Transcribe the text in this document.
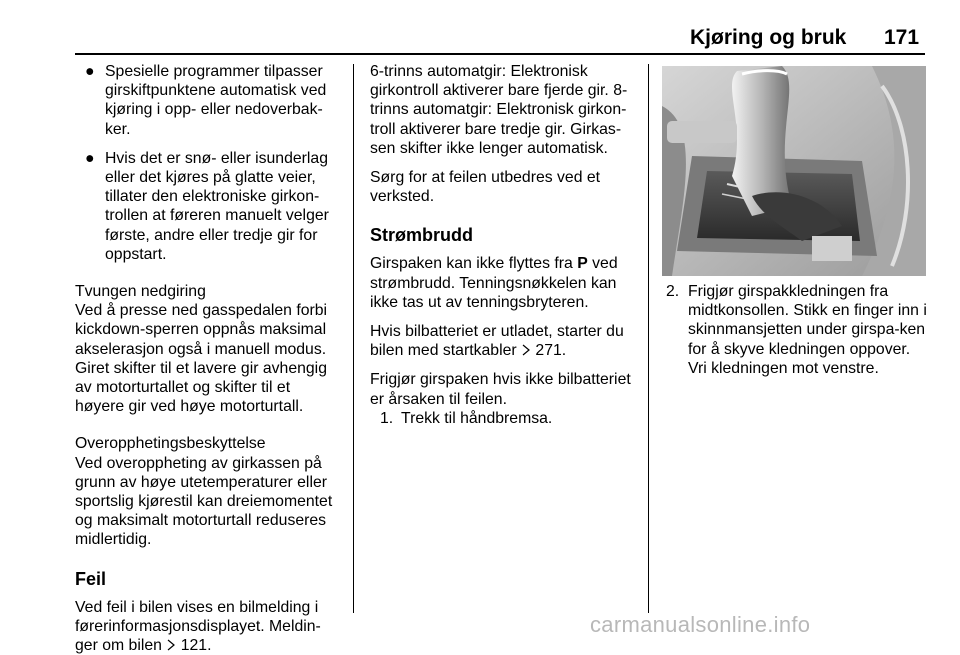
Kjøring og bruk 171
● Spesielle programmer tilpasser girskiftpunktene automatisk ved kjøring i opp- eller nedoverbak-ker.
● Hvis det er snø- eller isunderlag eller det kjøres på glatte veier, tillater den elektroniske girkon-trollen at føreren manuelt velger første, andre eller tredje gir for oppstart.
Tvungen nedgiring

Ved å presse ned gasspedalen forbi kickdown-sperren oppnås maksimal akselerasjon også i manuell modus. Giret skifter til et lavere gir avhengig av motorturtallet og skifter til et høyere gir ved høye motorturtall.

Overopphetingsbeskyttelse

Ved overoppheting av girkassen på grunn av høye utetemperaturer eller sportslig kjørestil kan dreiemomentet og maksimalt motorturtall reduseres midlertidig.

Feil

Ved feil i bilen vises en bilmelding i førerinformasjonsdisplayet. Meldin-ger om bilen  121.

6-trinns automatgir: Elektronisk girkontroll aktiverer bare fjerde gir. 8-trinns automatgir: Elektronisk girkon-troll aktiverer bare tredje gir. Girkas-sen skifter ikke lenger automatisk.

Sørg for at feilen utbedres ved et verksted.

Strømbrudd

Girspaken kan ikke flyttes fra P ved strømbrudd. Tenningsnøkkelen kan ikke tas ut av tenningsbryteren.

Hvis bilbatteriet er utladet, starter du bilen med startkabler  271.

Frigjør girspaken hvis ikke bilbatteriet er årsaken til feilen.

1. Trekk til håndbremsa.
2. Frigjør girspakkledningen fra midtkonsollen. Stikk en finger inn i skinnmansjetten under girspa-ken for å skyve kledningen oppover. Vri kledningen mot venstre.
carmanualsonline.info
